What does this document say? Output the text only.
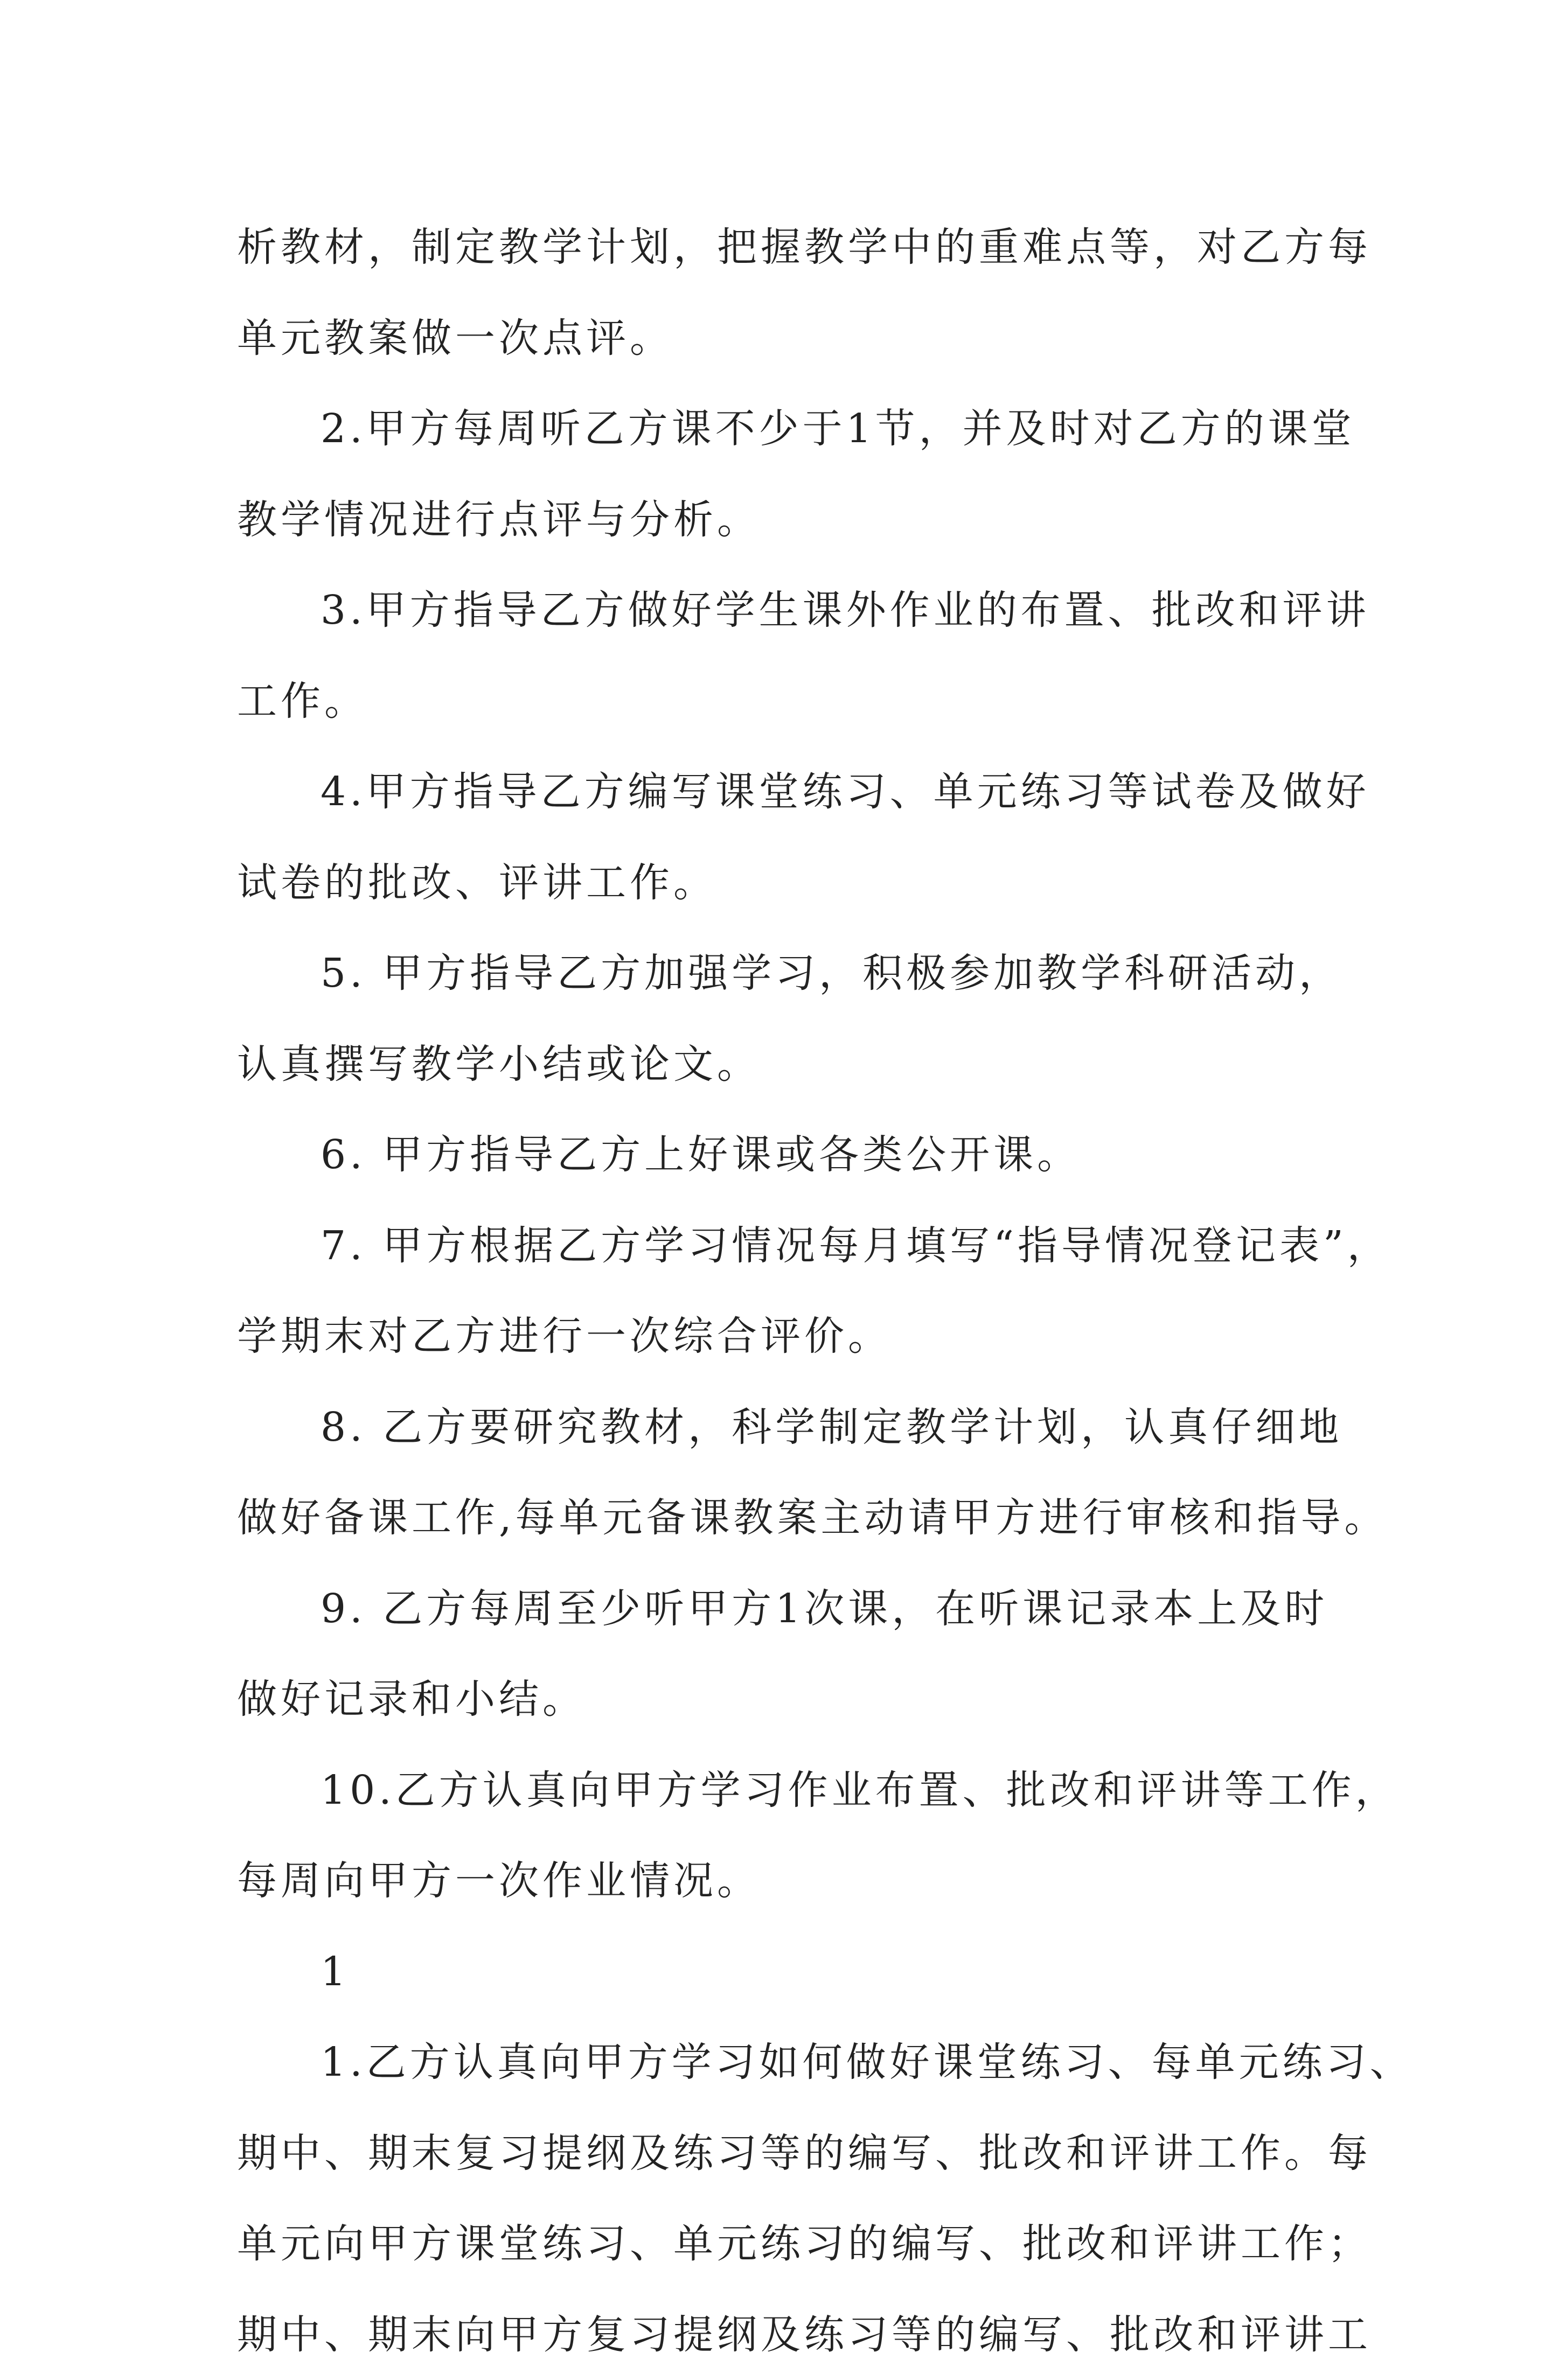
析教材，制定教学计划，把握教学中的重难点等，对乙方每
单元教案做一次点评。
2.甲方每周听乙方课不少于1节，并及时对乙方的课堂
教学情况进行点评与分析。
3.甲方指导乙方做好学生课外作业的布置、批改和评讲
工作。
4.甲方指导乙方编写课堂练习、单元练习等试卷及做好
试卷的批改、评讲工作。
5. 甲方指导乙方加强学习，积极参加教学科研活动，
认真撰写教学小结或论文。
6. 甲方指导乙方上好课或各类公开课。
7. 甲方根据乙方学习情况每月填写“指导情况登记表”，
学期末对乙方进行一次综合评价。
8. 乙方要研究教材，科学制定教学计划，认真仔细地
做好备课工作,每单元备课教案主动请甲方进行审核和指导。
9. 乙方每周至少听甲方1次课，在听课记录本上及时
做好记录和小结。
10.乙方认真向甲方学习作业布置、批改和评讲等工作，
每周向甲方一次作业情况。
1
1.乙方认真向甲方学习如何做好课堂练习、每单元练习、
期中、期末复习提纲及练习等的编写、批改和评讲工作。每
单元向甲方课堂练习、单元练习的编写、批改和评讲工作；
期中、期末向甲方复习提纲及练习等的编写、批改和评讲工
